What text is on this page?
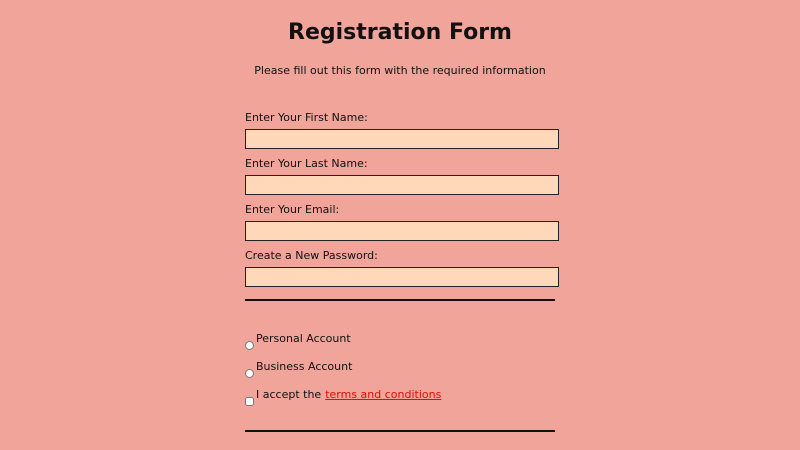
Registration Form

Please fill out this form with the required information

Enter Your First Name:
Enter Your Last Name:
Enter Your Email:
Create a New Password:
Personal Account
Business Account
I accept the terms and conditions
